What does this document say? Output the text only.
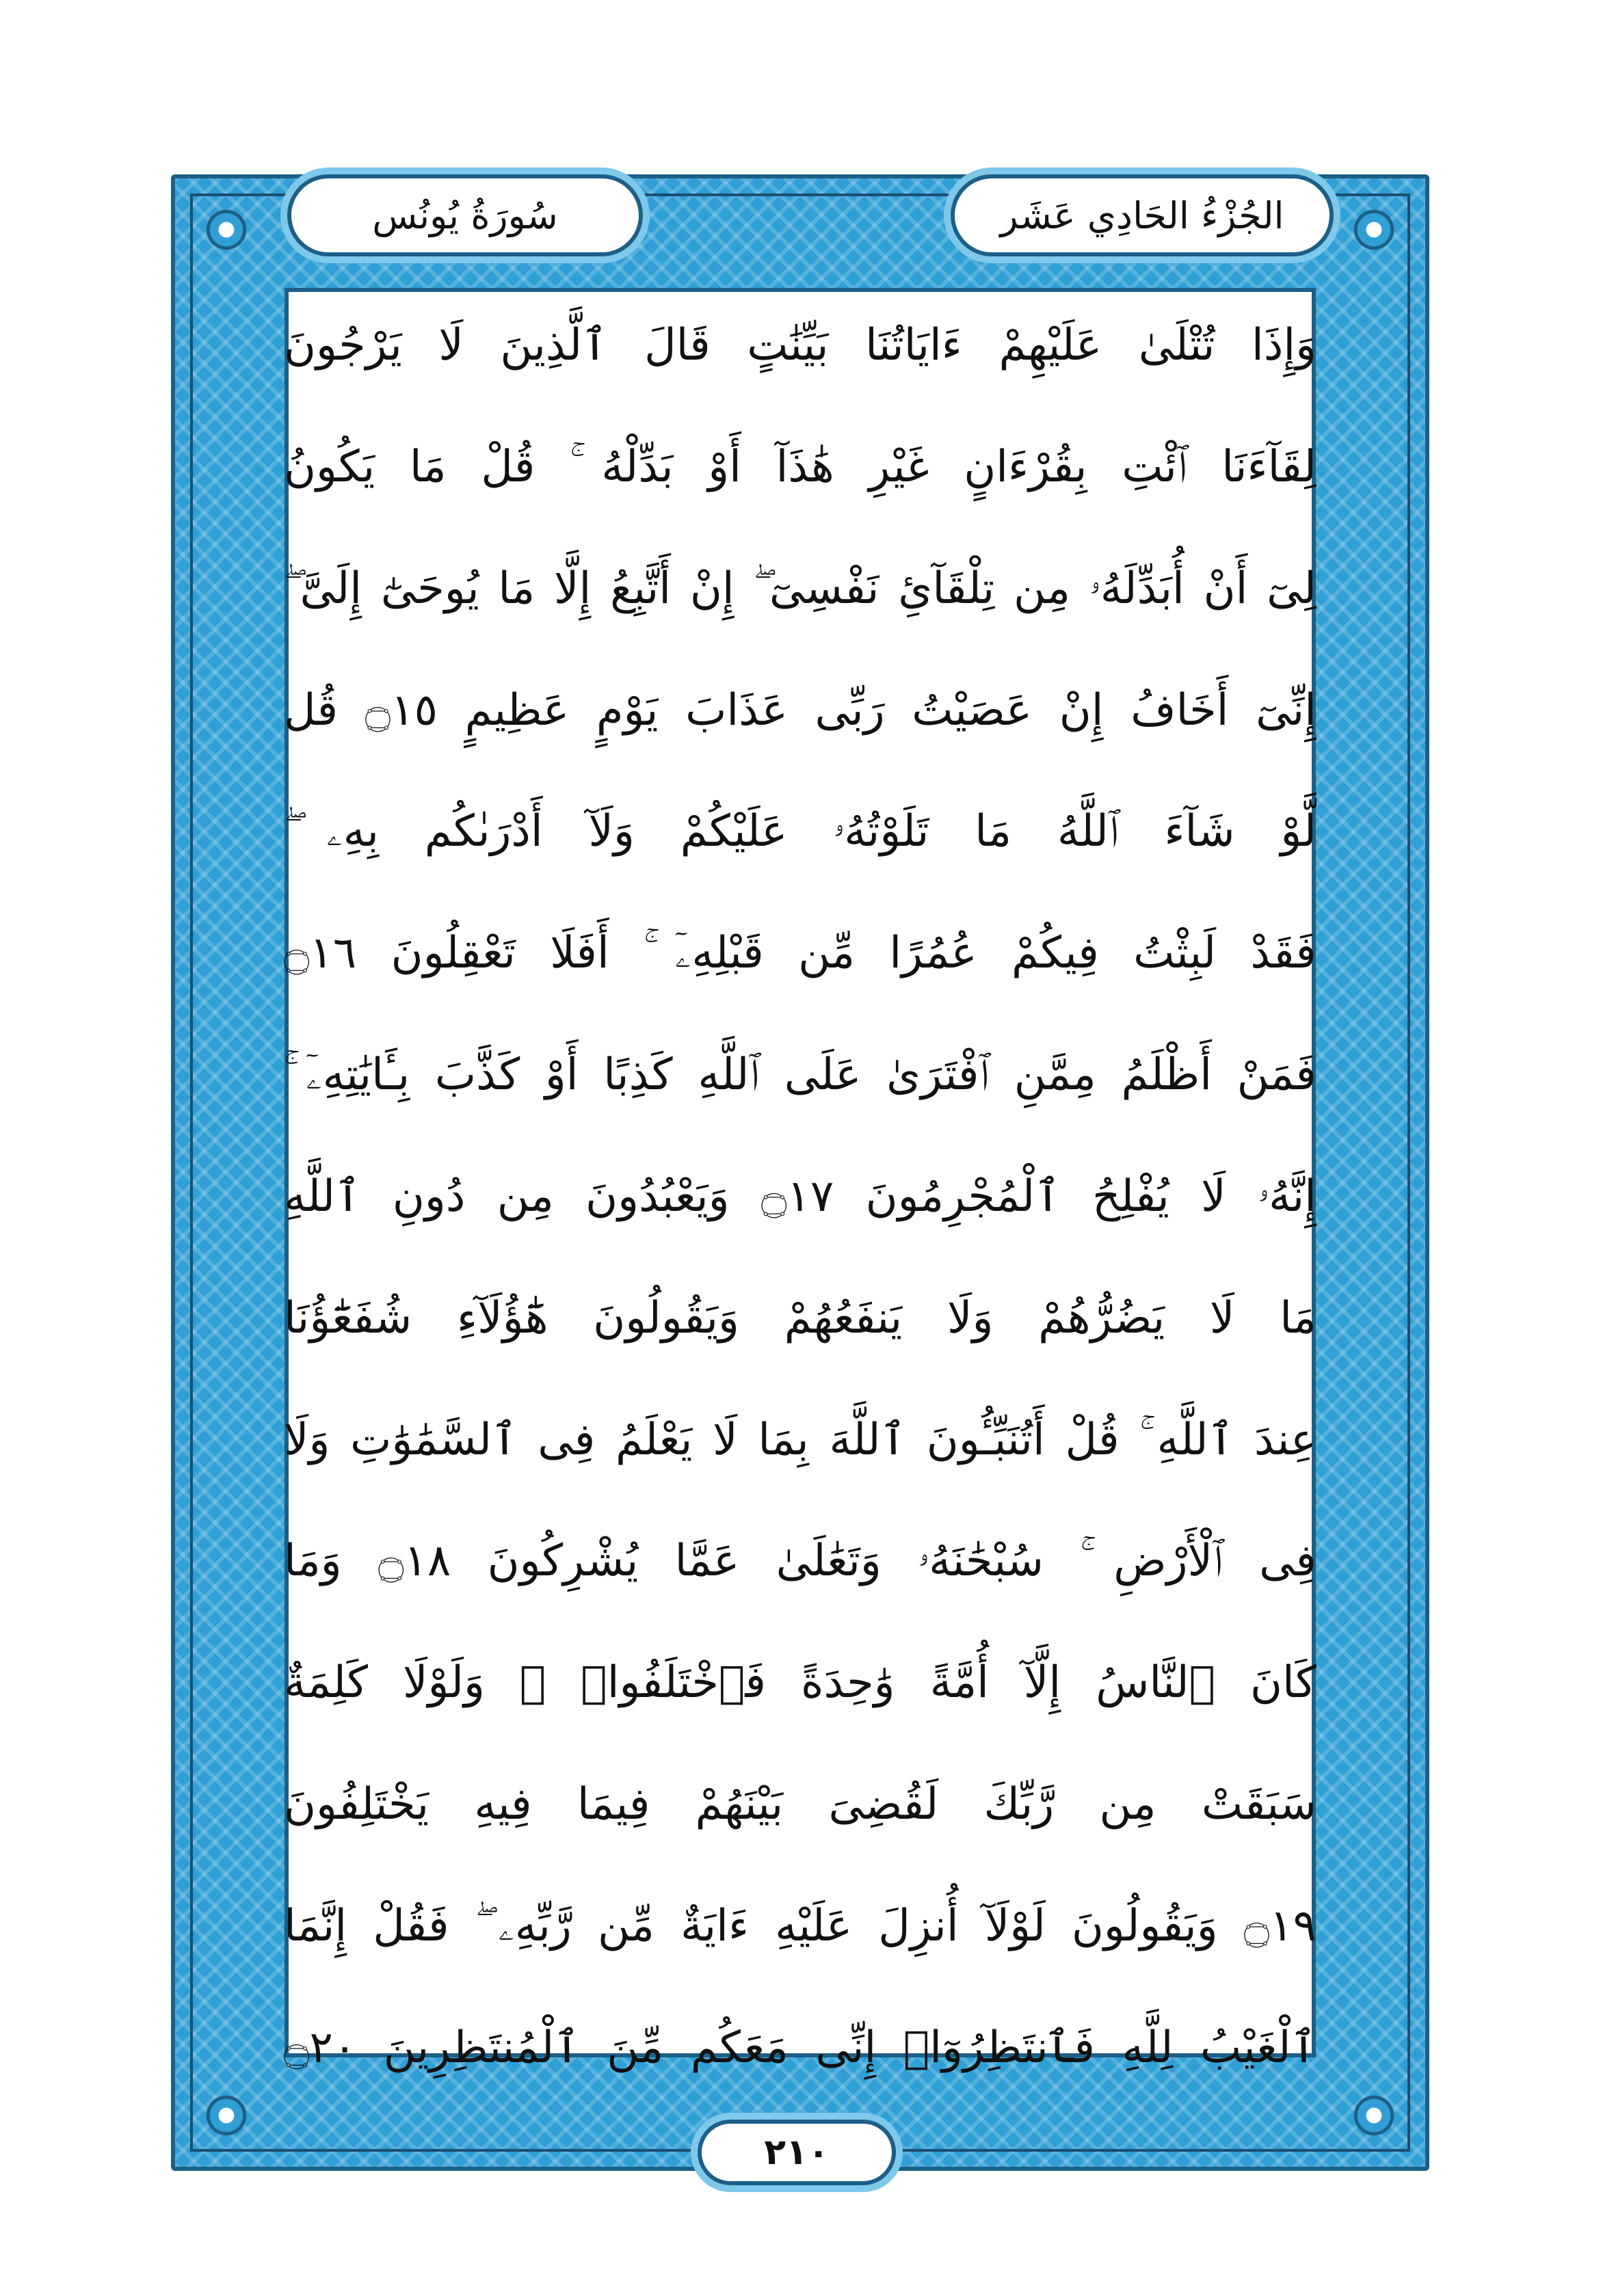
سُورَةُ يُونُس	الجُزْءُ الحَادِي عَشَر
وَإِذَا تُتْلَىٰ عَلَيْهِمْ ءَايَاتُنَا بَيِّنَٰتٍ قَالَ ٱلَّذِينَ لَا يَرْجُونَ
لِقَآءَنَا ٱئْتِ بِقُرْءَانٍ غَيْرِ هَٰذَآ أَوْ بَدِّلْهُ ۚ قُلْ مَا يَكُونُ
لِىٓ أَنْ أُبَدِّلَهُۥ مِن تِلْقَآئِ نَفْسِىٓ ۖ إِنْ أَتَّبِعُ إِلَّا مَا يُوحَىٰٓ إِلَىَّ ۖ
إِنِّىٓ أَخَافُ إِنْ عَصَيْتُ رَبِّى عَذَابَ يَوْمٍ عَظِيمٍ ۝١٥ قُل
لَّوْ شَآءَ ٱللَّهُ مَا تَلَوْتُهُۥ عَلَيْكُمْ وَلَآ أَدْرَىٰكُم بِهِۦ ۖ
فَقَدْ لَبِثْتُ فِيكُمْ عُمُرًا مِّن قَبْلِهِۦٓ ۚ أَفَلَا تَعْقِلُونَ ۝١٦
فَمَنْ أَظْلَمُ مِمَّنِ ٱفْتَرَىٰ عَلَى ٱللَّهِ كَذِبًا أَوْ كَذَّبَ بِـَٔايَٰتِهِۦٓ ۚ
إِنَّهُۥ لَا يُفْلِحُ ٱلْمُجْرِمُونَ ۝١٧ وَيَعْبُدُونَ مِن دُونِ ٱللَّهِ
مَا لَا يَضُرُّهُمْ وَلَا يَنفَعُهُمْ وَيَقُولُونَ هَٰٓؤُلَآءِ شُفَعَٰٓؤُنَا
عِندَ ٱللَّهِ ۚ قُلْ أَتُنَبِّـُٔونَ ٱللَّهَ بِمَا لَا يَعْلَمُ فِى ٱلسَّمَٰوَٰتِ وَلَا
فِى ٱلْأَرْضِ ۚ سُبْحَٰنَهُۥ وَتَعَٰلَىٰ عَمَّا يُشْرِكُونَ ۝١٨ وَمَا
كَانَ ٱلنَّاسُ إِلَّآ أُمَّةً وَٰحِدَةً فَٱخْتَلَفُوا۟ ۚ وَلَوْلَا كَلِمَةٌ
سَبَقَتْ مِن رَّبِّكَ لَقُضِىَ بَيْنَهُمْ فِيمَا فِيهِ يَخْتَلِفُونَ
۝١٩ وَيَقُولُونَ لَوْلَآ أُنزِلَ عَلَيْهِ ءَايَةٌ مِّن رَّبِّهِۦ ۖ فَقُلْ إِنَّمَا
ٱلْغَيْبُ لِلَّهِ فَٱنتَظِرُوٓا۟ إِنِّى مَعَكُم مِّنَ ٱلْمُنتَظِرِينَ ۝٢٠
٢١٠
